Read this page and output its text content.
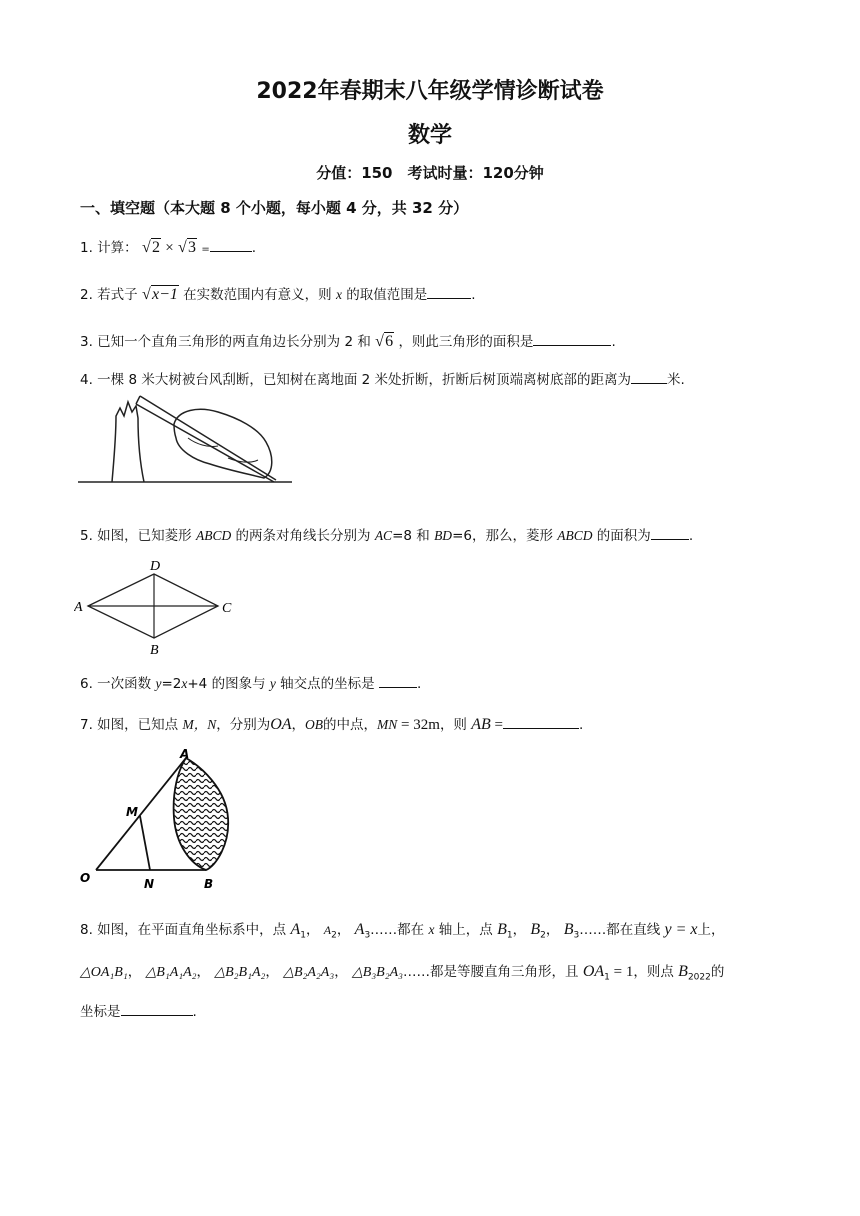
2022年春期末八年级学情诊断试卷
数学
分值：150　考试时量：120分钟
一、填空题（本大题 8 个小题，每小题 4 分，共 32 分）
1. 计算： √ 2 × √ 3 =	.
2. 若式子 √ x−1 在实数范围内有意义，则 x 的取值范围是	.
3. 已知一个直角三角形的两直角边长分别为 2 和 √ 6 ，则此三角形的面积是	.
4. 一棵 8 米大树被台风刮断，已知树在离地面 2 米处折断，折断后树顶端离树底部的距离为	米.
5. 如图，已知菱形 ABCD 的两条对角线长分别为 AC=8 和 BD=6，那么，菱形 ABCD 的面积为	.
D
A	C
B
6. 一次函数 y=2x+4 的图象与 y 轴交点的坐标是	.
7. 如图，已知点 M，N，分别为OA，OB的中点，MN = 32m，则 AB =	.
A
M
O	N	B
8. 如图，在平面直角坐标系中，点 $A_1$， $A_2$， $A_3\dots\dots$都在 x 轴上，点 $B_1$， $B_2$， $B_3\dots\dots$都在直线 y = x上，
△OA₁B₁， △B₁A₁A₂， △B₂B₁A₂， △B₂A₂A₃， △B₃B₂A₃……都是等腰直角三角形，且 $OA_1 = 1$，则点 $B_{2022}$的
坐标是	.
